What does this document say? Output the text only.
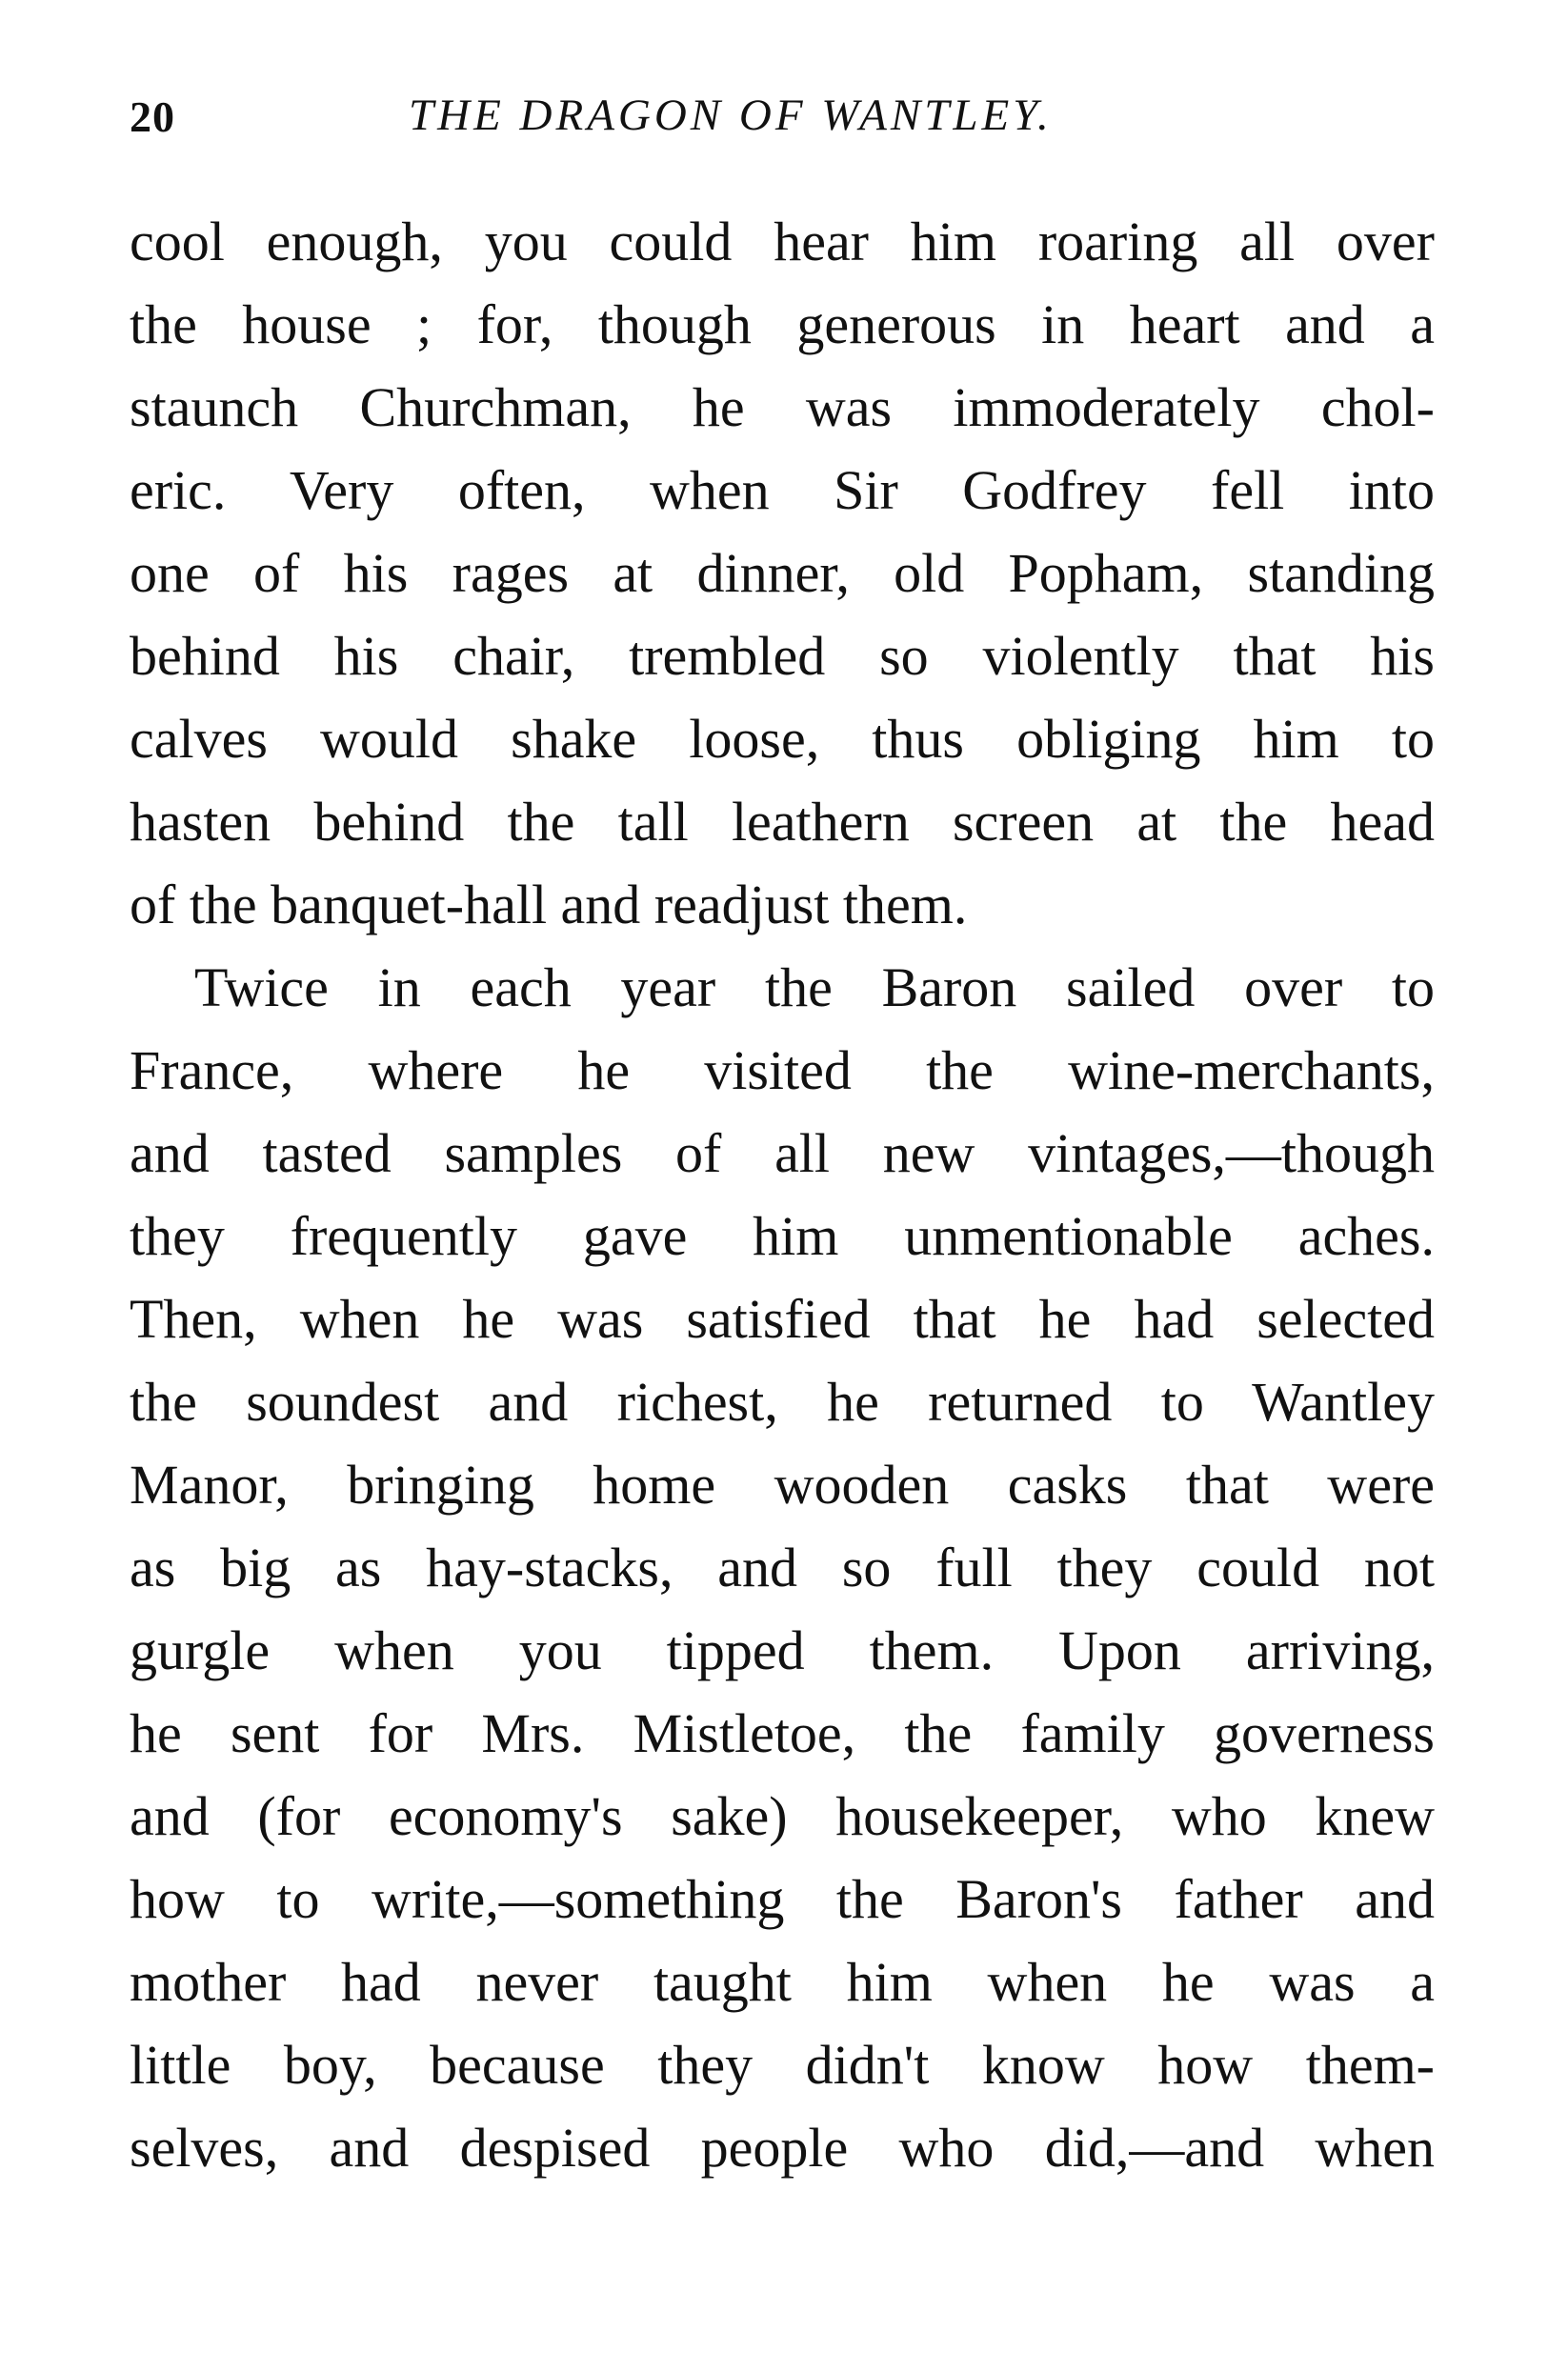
20	THE DRAGON OF WANTLEY.
cool enough, you could hear him roaring all over
the house ; for, though generous in heart and a
staunch Churchman, he was immoderately chol-
eric. Very often, when Sir Godfrey fell into
one of his rages at dinner, old Popham, standing
behind his chair, trembled so violently that his
calves would shake loose, thus obliging him to
hasten behind the tall leathern screen at the head
of the banquet-hall and readjust them.
Twice in each year the Baron sailed over to
France, where he visited the wine-merchants,
and tasted samples of all new vintages,—though
they frequently gave him unmentionable aches.
Then, when he was satisfied that he had selected
the soundest and richest, he returned to Wantley
Manor, bringing home wooden casks that were
as big as hay-stacks, and so full they could not
gurgle when you tipped them. Upon arriving,
he sent for Mrs. Mistletoe, the family governess
and (for economy's sake) housekeeper, who knew
how to write,—something the Baron's father and
mother had never taught him when he was a
little boy, because they didn't know how them-
selves, and despised people who did,—and when
